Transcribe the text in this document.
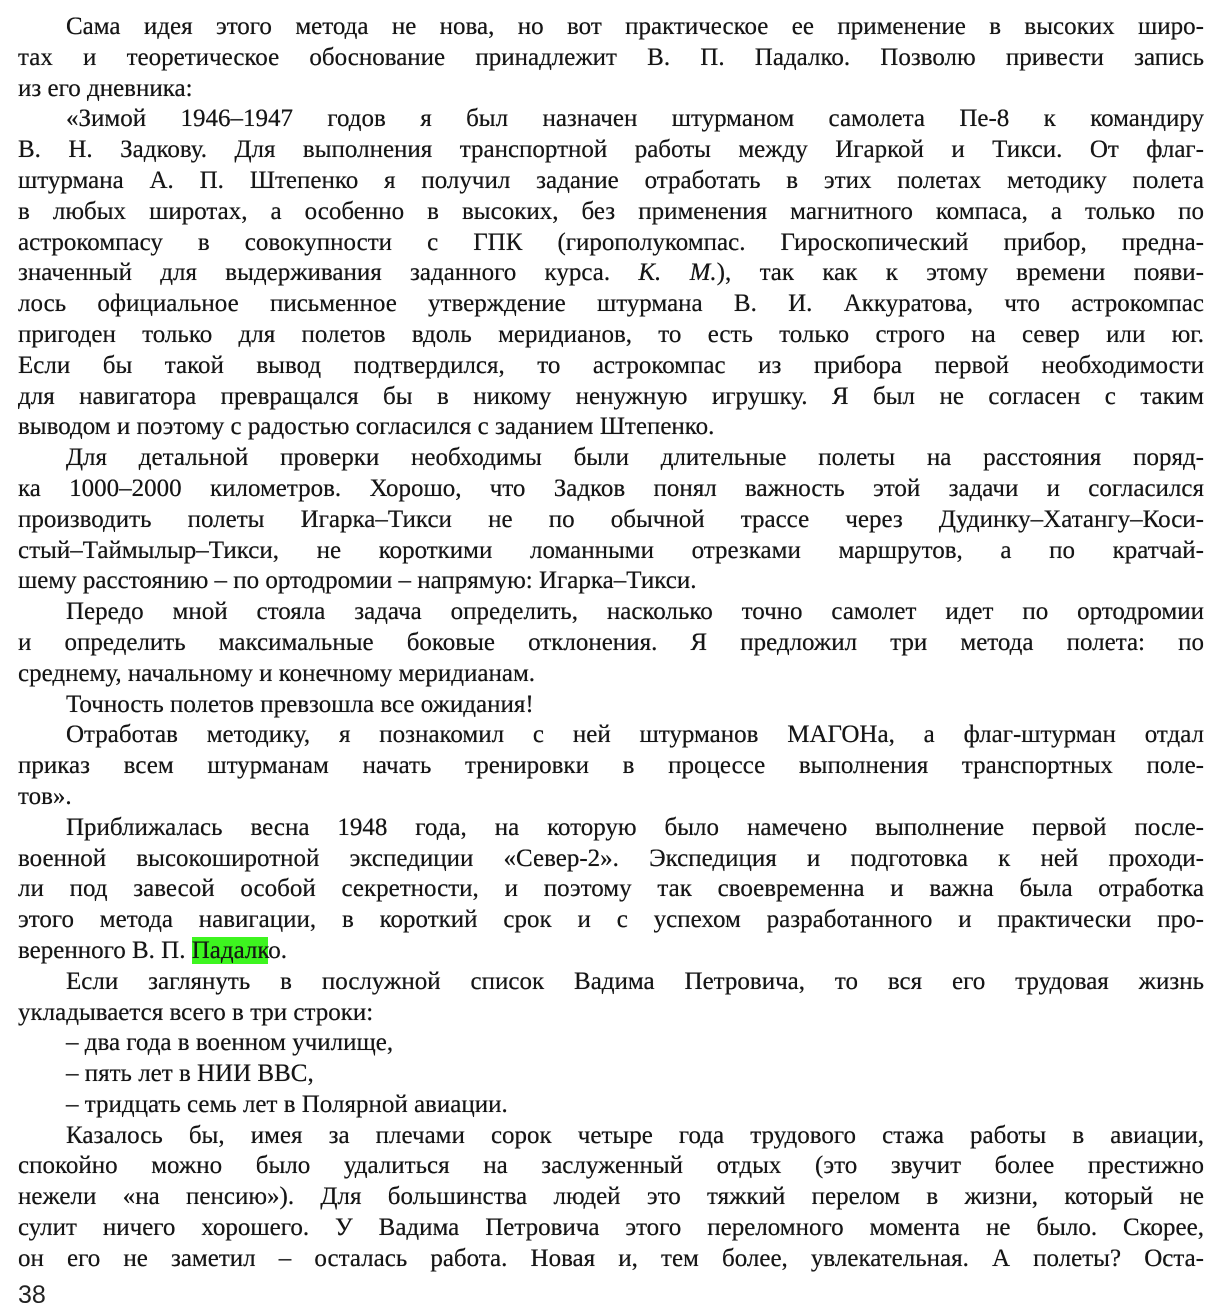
Сама идея этого метода не нова, но вот практическое ее применение в высоких широ-
тах и теоретическое обоснование принадлежит В. П. Падалко. Позволю привести запись
из его дневника:
«Зимой 1946–1947 годов я был назначен штурманом самолета Пе-8 к командиру
В. Н. Задкову. Для выполнения транспортной работы между Игаркой и Тикси. От флаг-
штурмана А. П. Штепенко я получил задание отработать в этих полетах методику полета
в любых широтах, а особенно в высоких, без применения магнитного компаса, а только по
астрокомпасу в совокупности с ГПК (гирополукомпас. Гироскопический прибор, предна-
значенный для выдерживания заданного курса. К. М.), так как к этому времени появи-
лось официальное письменное утверждение штурмана В. И. Аккуратова, что астрокомпас
пригоден только для полетов вдоль меридианов, то есть только строго на север или юг.
Если бы такой вывод подтвердился, то астрокомпас из прибора первой необходимости
для навигатора превращался бы в никому ненужную игрушку. Я был не согласен с таким
выводом и поэтому с радостью согласился с заданием Штепенко.
Для детальной проверки необходимы были длительные полеты на расстояния поряд-
ка 1000–2000 километров. Хорошо, что Задков понял важность этой задачи и согласился
производить полеты Игарка–Тикси не по обычной трассе через Дудинку–Хатангу–Коси-
стый–Таймылыр–Тикси, не короткими ломанными отрезками маршрутов, а по кратчай-
шему расстоянию – по ортодромии – напрямую: Игарка–Тикси.
Передо мной стояла задача определить, насколько точно самолет идет по ортодромии
и определить максимальные боковые отклонения. Я предложил три метода полета: по
среднему, начальному и конечному меридианам.
Точность полетов превзошла все ожидания!
Отработав методику, я познакомил с ней штурманов МАГОНа, а флаг-штурман отдал
приказ всем штурманам начать тренировки в процессе выполнения транспортных поле-
тов».
Приближалась весна 1948 года, на которую было намечено выполнение первой после-
военной высокоширотной экспедиции «Север-2». Экспедиция и подготовка к ней проходи-
ли под завесой особой секретности, и поэтому так своевременна и важна была отработка
этого метода навигации, в короткий срок и с успехом разработанного и практически про-
веренного В. П. Падалко.
Если заглянуть в послужной список Вадима Петровича, то вся его трудовая жизнь
укладывается всего в три строки:
– два года в военном училище,
– пять лет в НИИ ВВС,
– тридцать семь лет в Полярной авиации.
Казалось бы, имея за плечами сорок четыре года трудового стажа работы в авиации,
спокойно можно было удалиться на заслуженный отдых (это звучит более престижно
нежели «на пенсию»). Для большинства людей это тяжкий перелом в жизни, который не
сулит ничего хорошего. У Вадима Петровича этого переломного момента не было. Скорее,
он его не заметил – осталась работа. Новая и, тем более, увлекательная. А полеты? Оста-
38
